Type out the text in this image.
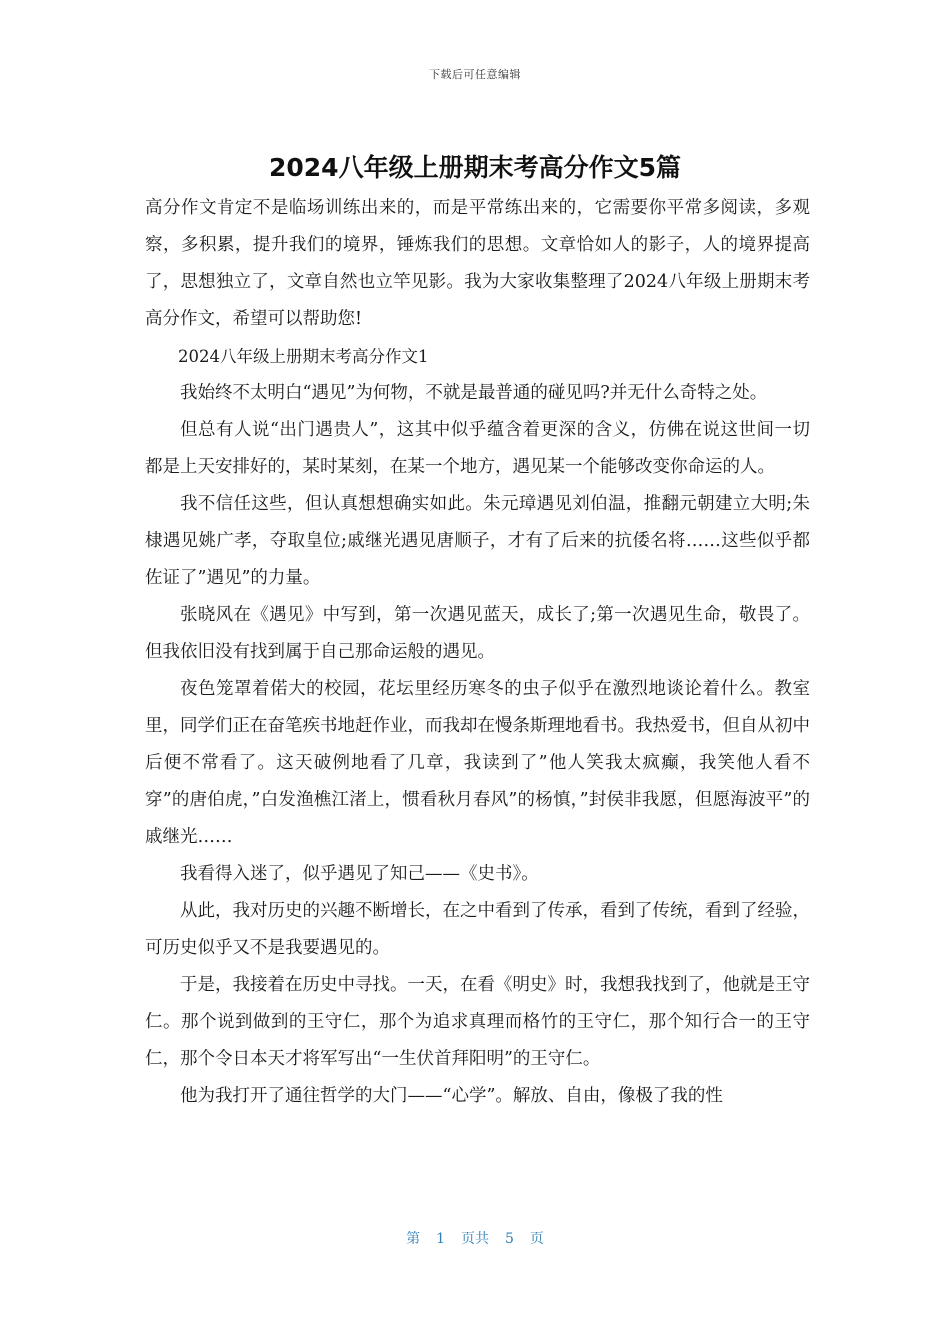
下载后可任意编辑
2024八年级上册期末考高分作文5篇

高分作文肯定不是临场训练出来的，而是平常练出来的，它需要你平常多阅读，多观察，多积累，提升我们的境界，锤炼我们的思想。文章恰如人的影子，人的境界提高了，思想独立了，文章自然也立竿见影。我为大家收集整理了2024八年级上册期末考高分作文，希望可以帮助您!

2024八年级上册期末考高分作文1

我始终不太明白“遇见”为何物，不就是最普通的碰见吗?并无什么奇特之处。

但总有人说“出门遇贵人”，这其中似乎蕴含着更深的含义，仿佛在说这世间一切都是上天安排好的，某时某刻，在某一个地方，遇见某一个能够改变你命运的人。

我不信任这些，但认真想想确实如此。朱元璋遇见刘伯温，推翻元朝建立大明;朱棣遇见姚广孝，夺取皇位;戚继光遇见唐顺子，才有了后来的抗倭名将……这些似乎都佐证了”遇见”的力量。

张晓风在《遇见》中写到，第一次遇见蓝天，成长了;第一次遇见生命，敬畏了。但我依旧没有找到属于自己那命运般的遇见。

夜色笼罩着偌大的校园，花坛里经历寒冬的虫子似乎在激烈地谈论着什么。教室里，同学们正在奋笔疾书地赶作业，而我却在慢条斯理地看书。我热爱书，但自从初中后便不常看了。这天破例地看了几章，我读到了”他人笑我太疯癫，我笑他人看不穿”的唐伯虎，”白发渔樵江渚上，惯看秋月春风”的杨慎，”封侯非我愿，但愿海波平”的戚继光……

我看得入迷了，似乎遇见了知己——《史书》。

从此，我对历史的兴趣不断增长，在之中看到了传承，看到了传统，看到了经验，可历史似乎又不是我要遇见的。

于是，我接着在历史中寻找。一天，在看《明史》时，我想我找到了，他就是王守仁。那个说到做到的王守仁，那个为追求真理而格竹的王守仁，那个知行合一的王守仁，那个令日本天才将军写出“一生伏首拜阳明”的王守仁。

他为我打开了通往哲学的大门——“心学”。解放、自由，像极了我的性

第 1 页共 5 页
